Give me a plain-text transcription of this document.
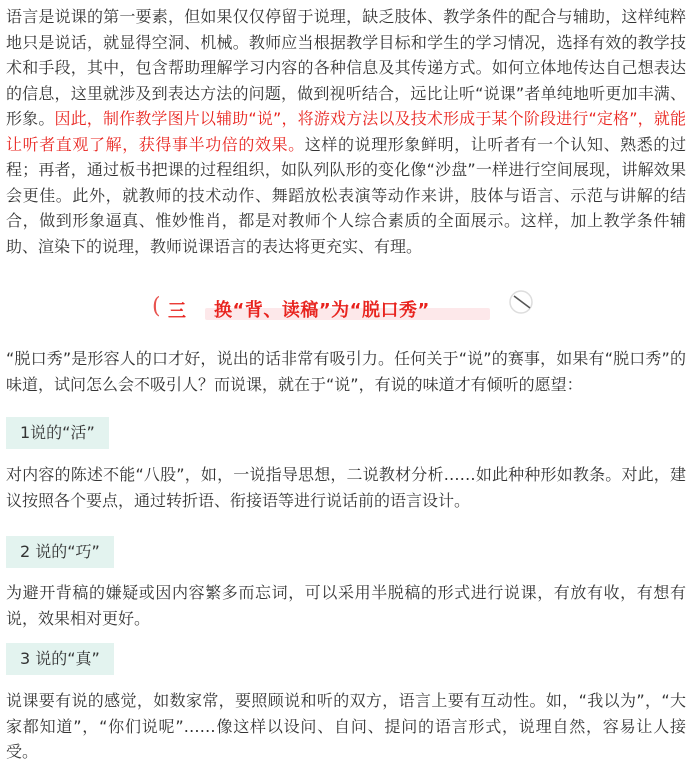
语言是说课的第一要素，但如果仅仅停留于说理，缺乏肢体、教学条件的配合与辅助，这样纯粹地只是说话，就显得空洞、机械。教师应当根据教学目标和学生的学习情况，选择有效的教学技术和手段，其中，包含帮助理解学习内容的各种信息及其传递方式。如何立体地传达自己想表达的信息，这里就涉及到表达方法的问题，做到视听结合，远比让听“说课”者单纯地听更加丰满、形象。因此，制作教学图片以辅助“说”，将游戏方法以及技术形成于某个阶段进行“定格”，就能让听者直观了解，获得事半功倍的效果。这样的说理形象鲜明，让听者有一个认知、熟悉的过程；再者，通过板书把课的过程组织，如队列队形的变化像“沙盘”一样进行空间展现，讲解效果会更佳。此外，就教师的技术动作、舞蹈放松表演等动作来讲，肢体与语言、示范与讲解的结合，做到形象逼真、惟妙惟肖，都是对教师个人综合素质的全面展示。这样，加上教学条件辅助、渲染下的说理，教师说课语言的表达将更充实、有理。

( 三 换“背、读稿”为“脱口秀”

“脱口秀”是形容人的口才好，说出的话非常有吸引力。任何关于“说”的赛事，如果有“脱口秀”的味道，试问怎么会不吸引人？而说课，就在于“说”，有说的味道才有倾听的愿望：

1说的“活”

对内容的陈述不能“八股”，如，一说指导思想，二说教材分析……如此种种形如教条。对此，建议按照各个要点，通过转折语、衔接语等进行说话前的语言设计。

2 说的“巧”

为避开背稿的嫌疑或因内容繁多而忘词，可以采用半脱稿的形式进行说课，有放有收，有想有说，效果相对更好。

3 说的“真”

说课要有说的感觉，如数家常，要照顾说和听的双方，语言上要有互动性。如，“我以为”，“大家都知道”，“你们说呢”……像这样以设问、自问、提问的语言形式，说理自然，容易让人接受。
